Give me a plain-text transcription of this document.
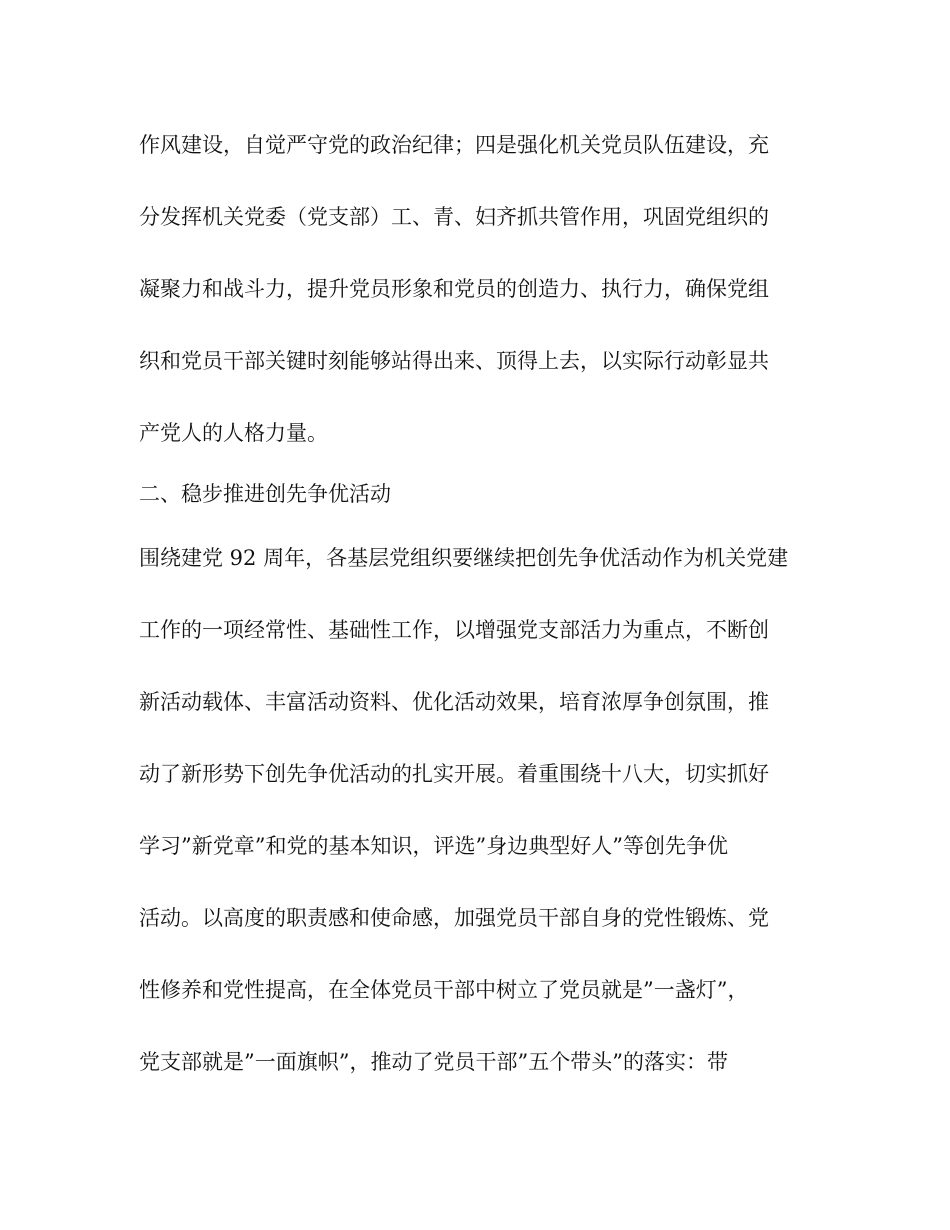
作风建设，自觉严守党的政治纪律；四是强化机关党员队伍建设，充

分发挥机关党委（党支部）工、青、妇齐抓共管作用，巩固党组织的

凝聚力和战斗力，提升党员形象和党员的创造力、执行力，确保党组

织和党员干部关键时刻能够站得出来、顶得上去，以实际行动彰显共

产党人的人格力量。

二、稳步推进创先争优活动

围绕建党 92 周年，各基层党组织要继续把创先争优活动作为机关党建

工作的一项经常性、基础性工作，以增强党支部活力为重点，不断创

新活动载体、丰富活动资料、优化活动效果，培育浓厚争创氛围，推

动了新形势下创先争优活动的扎实开展。着重围绕十八大，切实抓好

学习”新党章”和党的基本知识，评选”身边典型好人”等创先争优

活动。以高度的职责感和使命感，加强党员干部自身的党性锻炼、党

性修养和党性提高，在全体党员干部中树立了党员就是”一盏灯”，

党支部就是”一面旗帜”，推动了党员干部”五个带头”的落实：带
